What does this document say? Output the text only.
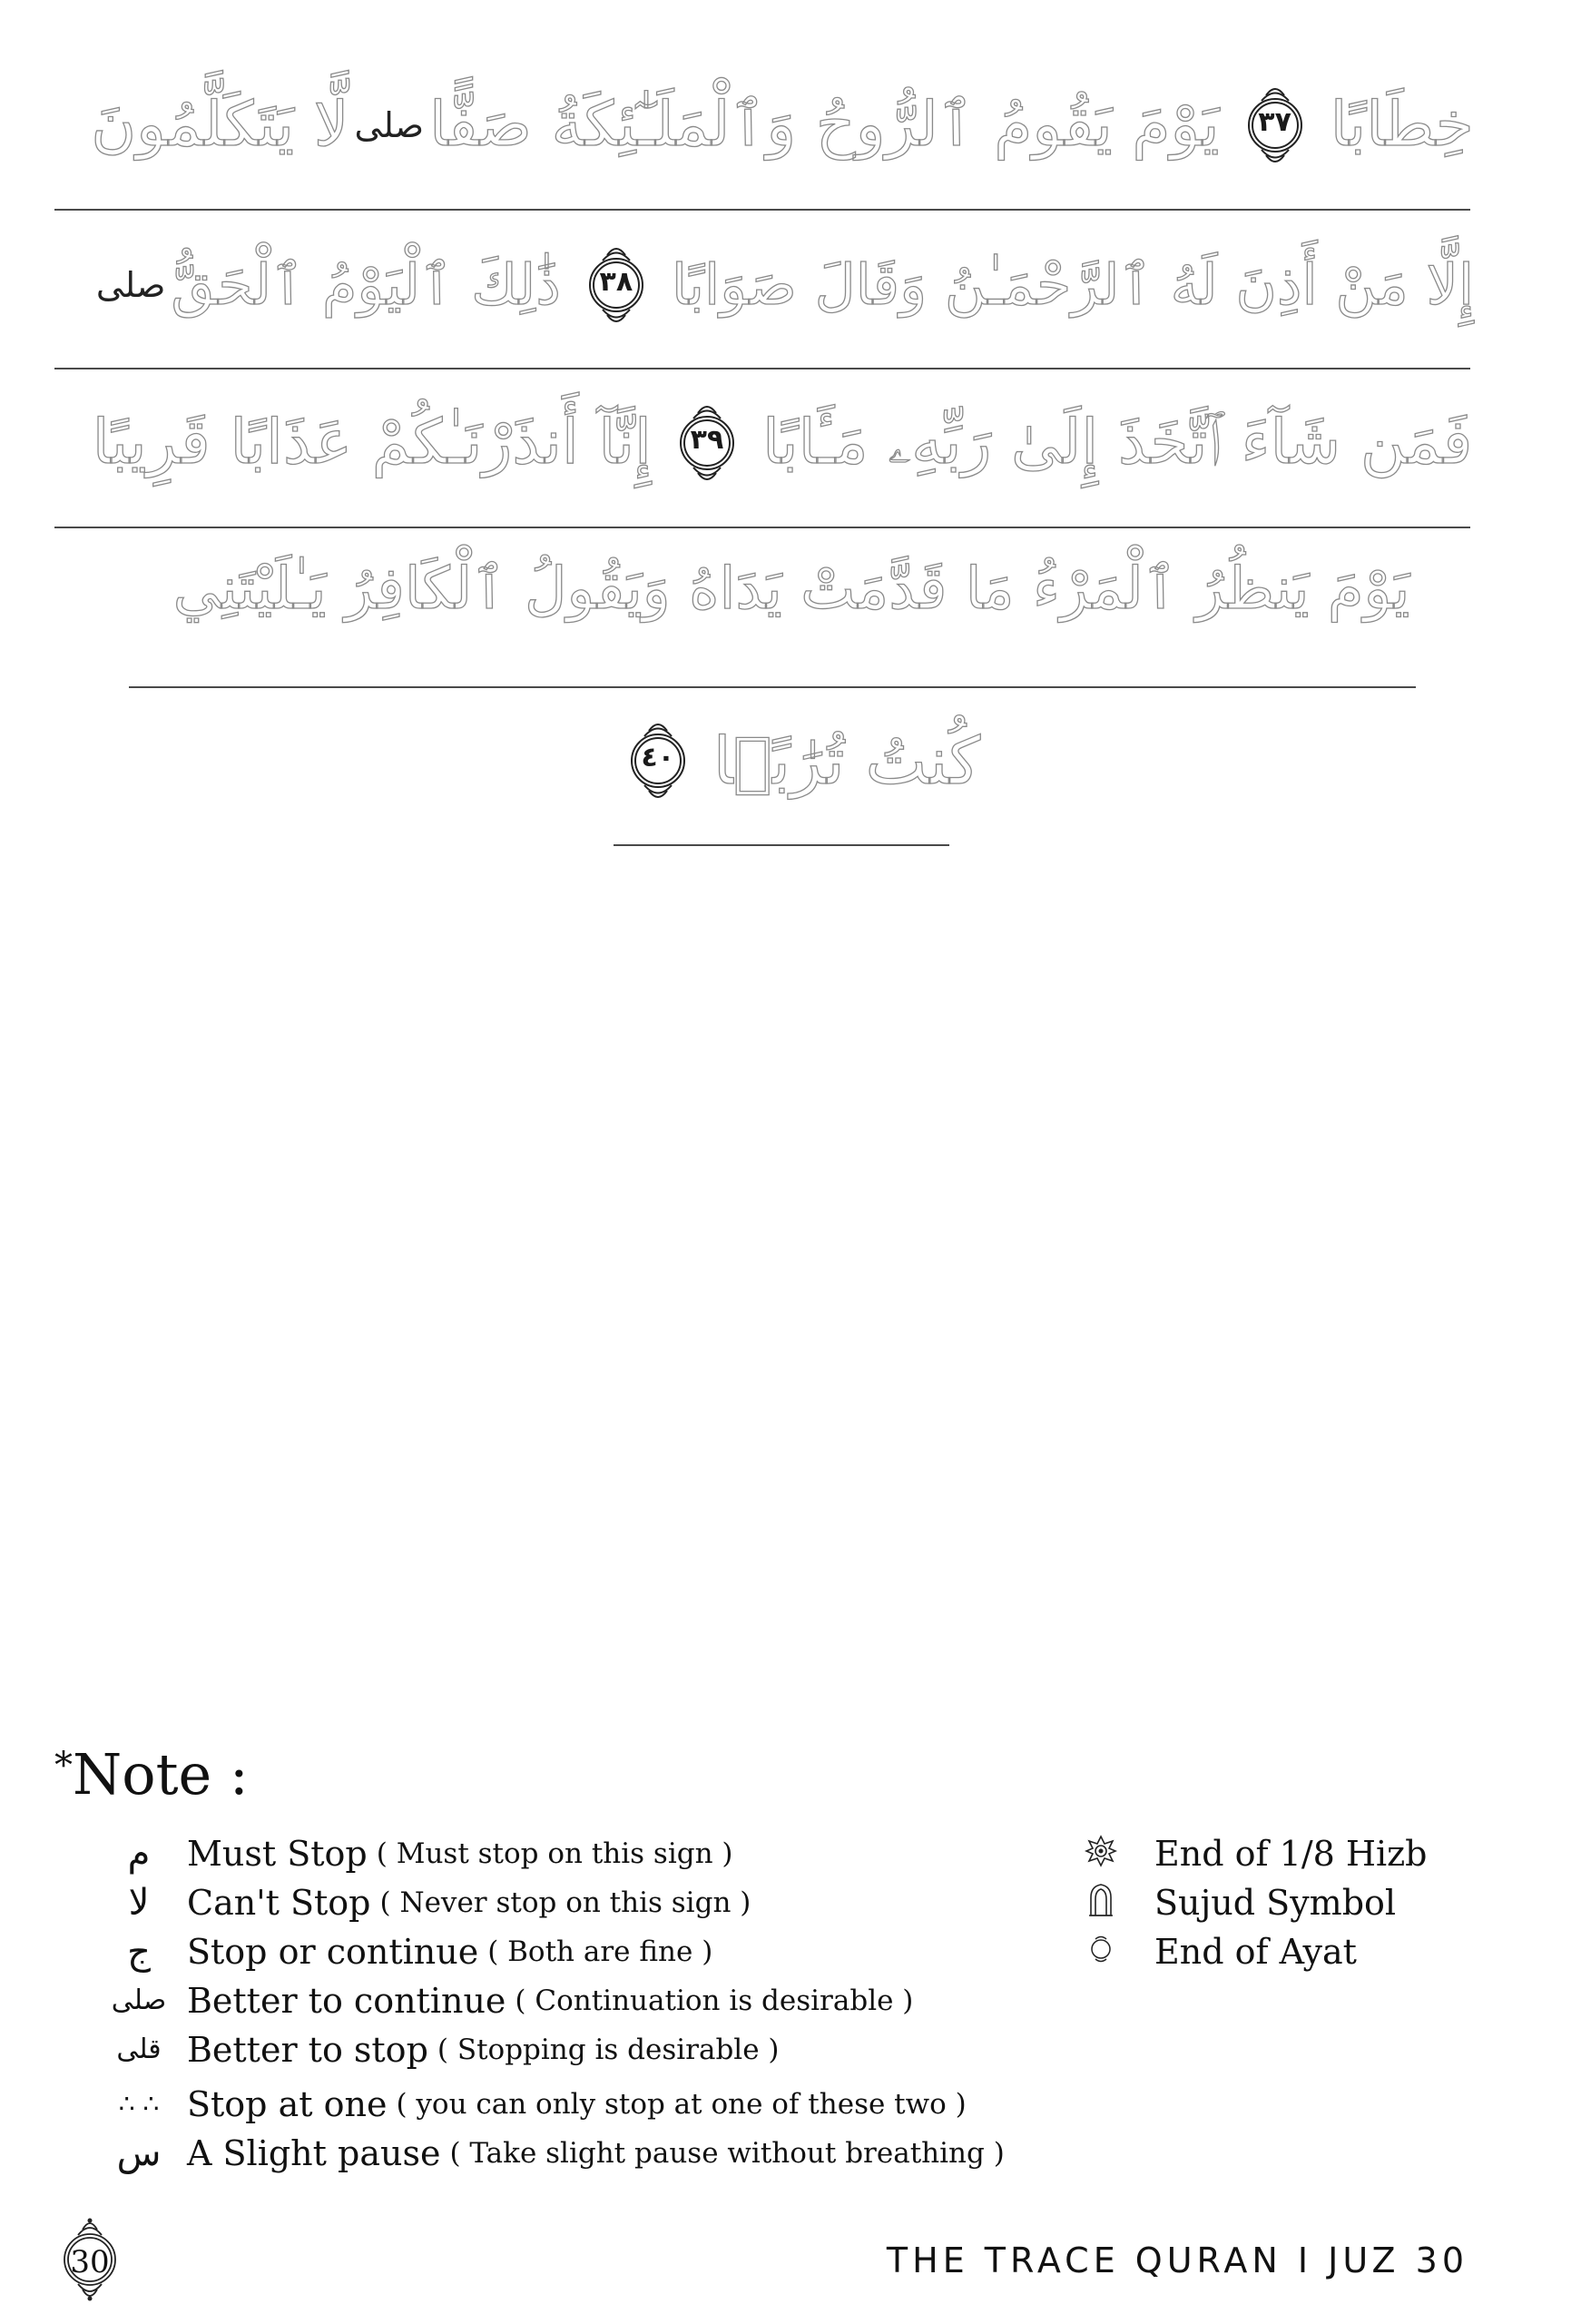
خِطَابًا
٣٧
يَوْمَ يَقُومُ ٱلرُّوحُ وَٱلْمَلَـٰٓئِكَةُ صَفًّاصلىلَّا يَتَكَلَّمُونَ
إِلَّا مَنْ أَذِنَ لَهُ ٱلرَّحْمَـٰنُ وَقَالَ صَوَابًا
٣٨
ذَٰلِكَ ٱلْيَوْمُ ٱلْحَقُّصلى
فَمَن شَآءَ ٱتَّخَذَ إِلَىٰ رَبِّهِۦ مَـَٔابًا
٣٩
إِنَّآ أَنذَرْنَـٰكُمْ عَذَابًا قَرِيبًا
يَوْمَ يَنظُرُ ٱلْمَرْءُ مَا قَدَّمَتْ يَدَاهُ وَيَقُولُ ٱلْكَافِرُ يَـٰلَيْتَنِي
كُنتُ تُرَٰبًۢا
٤٠
*Note :
م	Must Stop ( Must stop on this sign )
لا	Can't Stop ( Never stop on this sign )
ج	Stop or continue ( Both are fine )
صلى Better to continue ( Continuation is desirable )
قلى Better to stop ( Stopping is desirable )
∴ ∴ Stop at one ( you can only stop at one of these two )
س A Slight pause ( Take slight pause without breathing )
End of 1/8 Hizb
Sujud Symbol
End of Ayat
30	THE TRACE QURAN I JUZ 30
